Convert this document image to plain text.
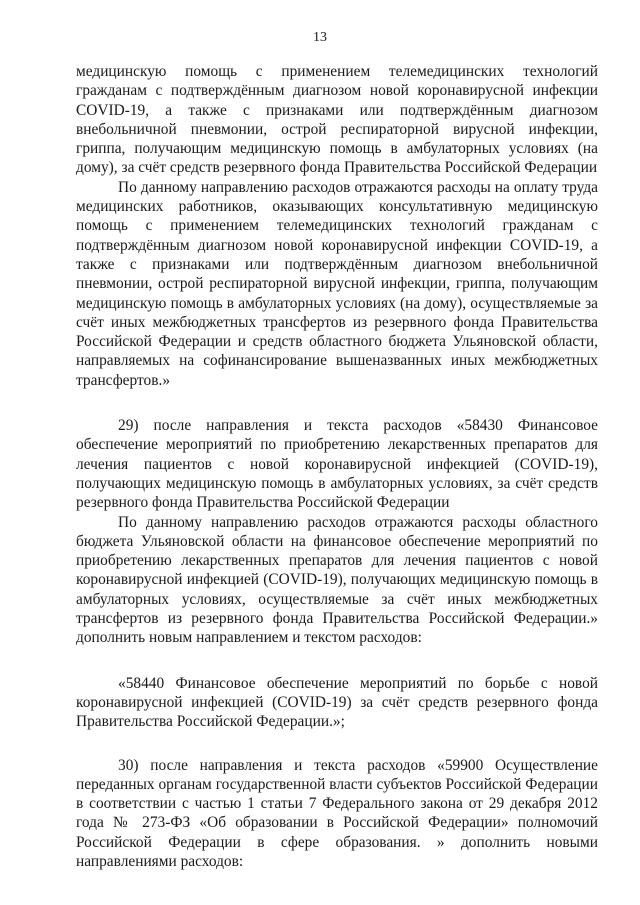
13

медицинскую помощь с применением телемедицинских технологий гражданам с подтверждённым диагнозом новой коронавирусной инфекции COVID-19, а также с признаками или подтверждённым диагнозом внебольничной пневмонии, острой респираторной вирусной инфекции, гриппа, получающим медицинскую помощь в амбулаторных условиях (на дому), за счёт средств резервного фонда Правительства Российской Федерации

По данному направлению расходов отражаются расходы на оплату труда медицинских работников, оказывающих консультативную медицинскую помощь с применением телемедицинских технологий гражданам с подтверждённым диагнозом новой коронавирусной инфекции COVID-19, а также с признаками или подтверждённым диагнозом внебольничной пневмонии, острой респираторной вирусной инфекции, гриппа, получающим медицинскую помощь в амбулаторных условиях (на дому), осуществляемые за счёт иных межбюджетных трансфертов из резервного фонда Правительства Российской Федерации и средств областного бюджета Ульяновской области, направляемых на софинансирование вышеназванных иных межбюджетных трансфертов.»

29) после направления и текста расходов «58430 Финансовое обеспечение мероприятий по приобретению лекарственных препаратов для лечения пациентов с новой коронавирусной инфекцией (COVID-19), получающих медицинскую помощь в амбулаторных условиях, за счёт средств резервного фонда Правительства Российской Федерации

По данному направлению расходов отражаются расходы областного бюджета Ульяновской области на финансовое обеспечение мероприятий по приобретению лекарственных препаратов для лечения пациентов с новой коронавирусной инфекцией (COVID-19), получающих медицинскую помощь в амбулаторных условиях, осуществляемые за счёт иных межбюджетных трансфертов из резервного фонда Правительства Российской Федерации.» дополнить новым направлением и текстом расходов:

«58440 Финансовое обеспечение мероприятий по борьбе с новой коронавирусной инфекцией (COVID-19) за счёт средств резервного фонда Правительства Российской Федерации.»;

30) после направления и текста расходов «59900 Осуществление переданных органам государственной власти субъектов Российской Федерации в соответствии с частью 1 статьи 7 Федерального закона от 29 декабря 2012 года № 273-ФЗ «Об образовании в Российской Федерации» полномочий Российской Федерации в сфере образования. » дополнить новыми направлениями расходов:
